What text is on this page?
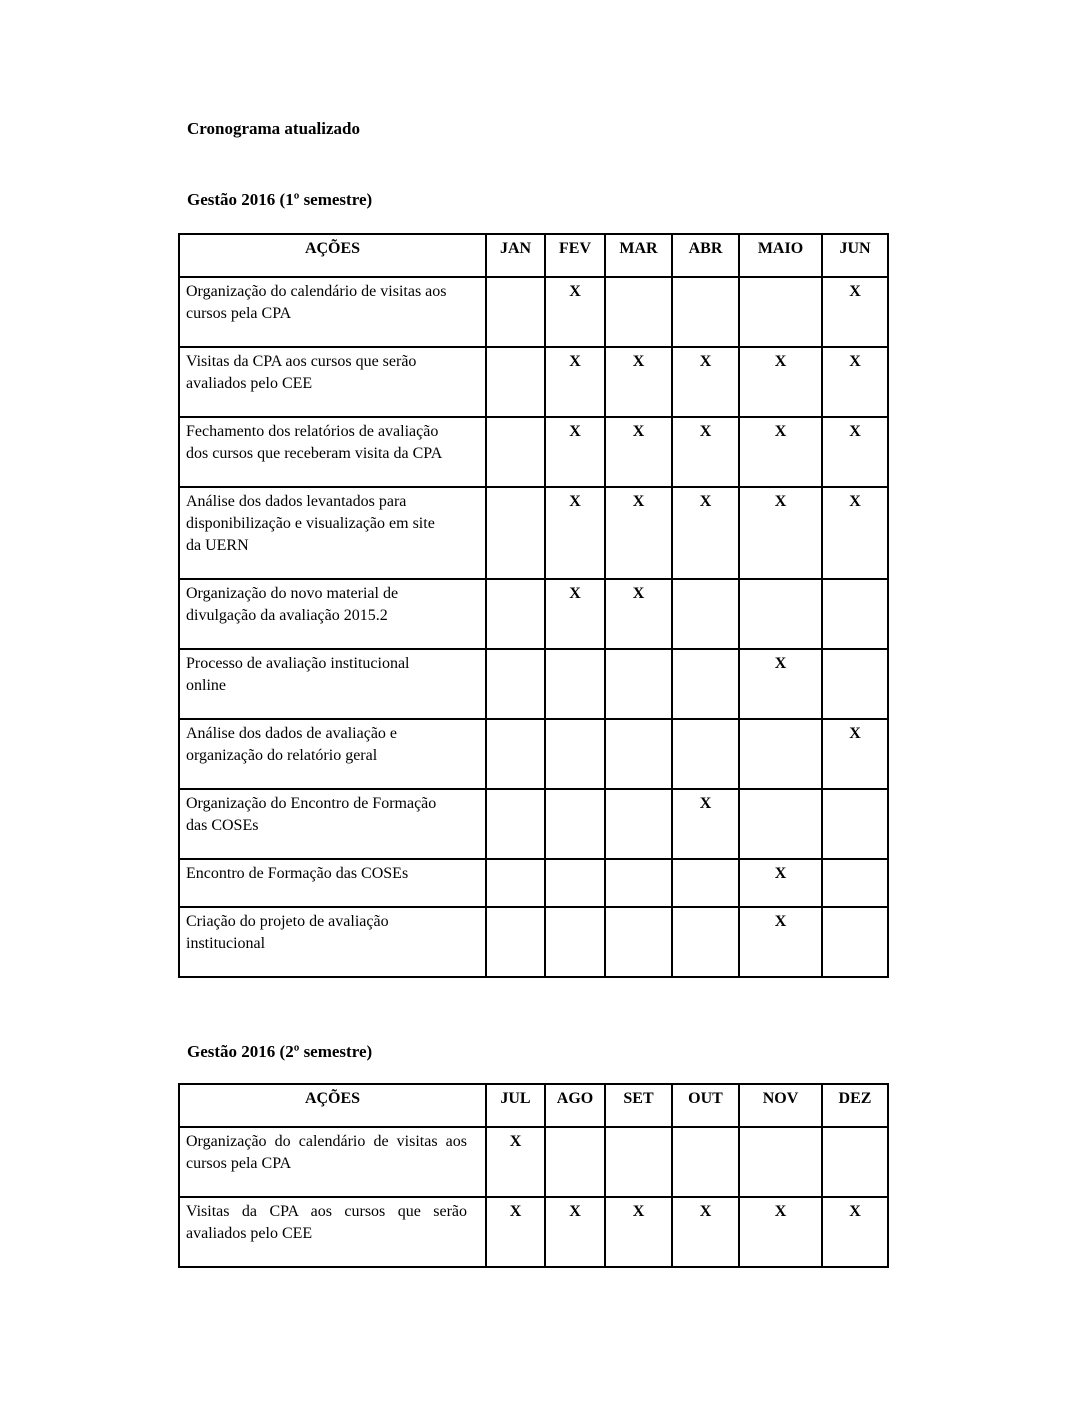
Cronograma atualizado
Gestão 2016 (1º semestre)
AÇÕES	JAN	FEV	MAR	ABR	MAIO	JUN
Organização do calendário de visitas aos cursos pela CPA		X				X
Visitas da CPA aos cursos que serão avaliados pelo CEE		X	X	X	X	X
Fechamento dos relatórios de avaliação dos cursos que receberam visita da CPA		X	X	X	X	X
Análise dos dados levantados para disponibilização e visualização em site da UERN		X	X	X	X	X
Organização do novo material de divulgação da avaliação 2015.2		X	X			
Processo de avaliação institucional online					X	
Análise dos dados de avaliação e organização do relatório geral						X
Organização do Encontro de Formação das COSEs				X		
Encontro de Formação das COSEs					X	
Criação do projeto de avaliação institucional					X	
Gestão 2016 (2º semestre)
AÇÕES	JUL	AGO	SET	OUT	NOV	DEZ
Organização do calendário de visitas aos cursos pela CPA	X					
Visitas da CPA aos cursos que serão avaliados pelo CEE	X	X	X	X	X	X
